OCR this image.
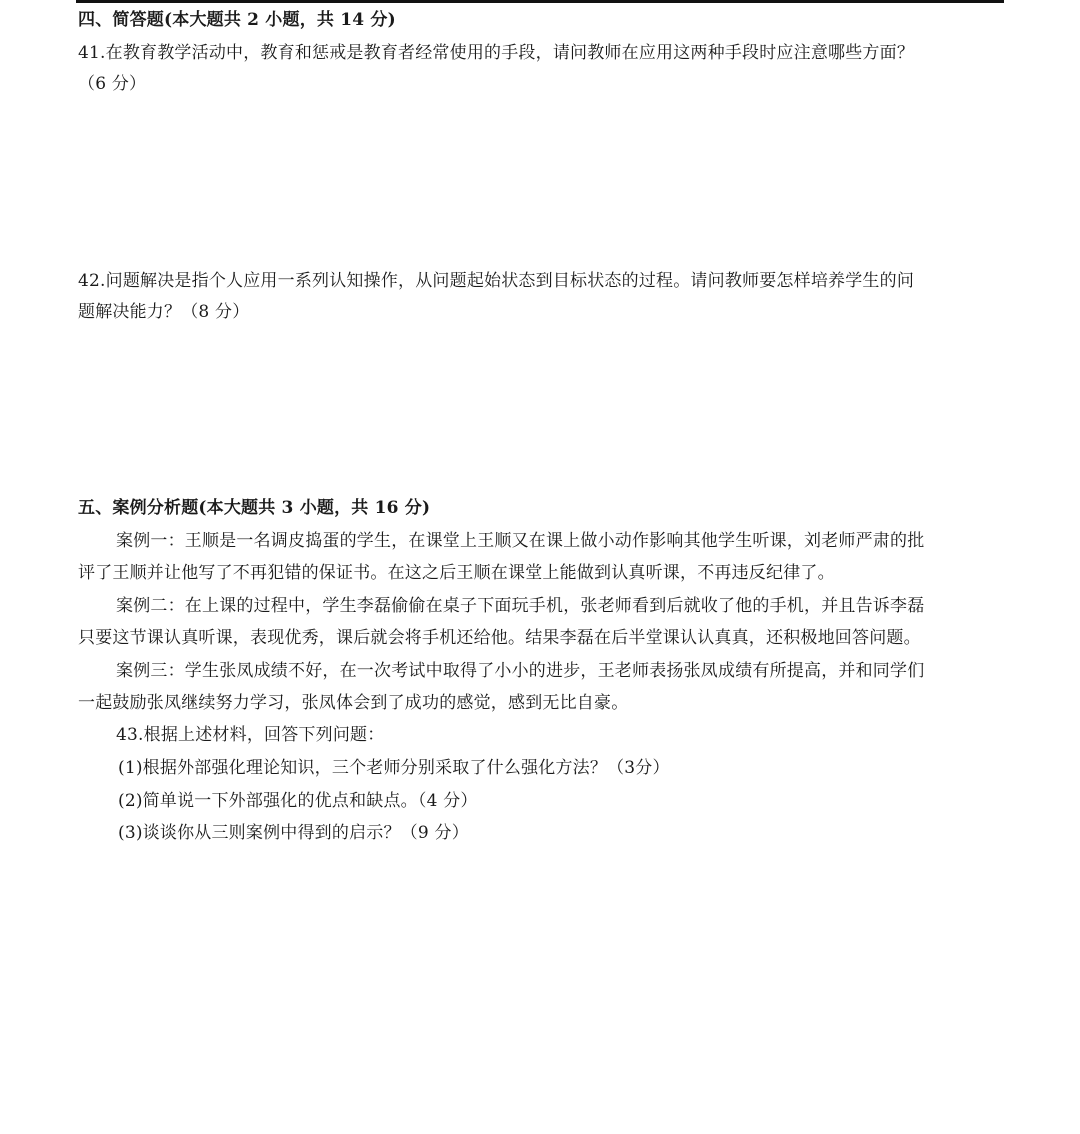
四、简答题(本大题共 2 小题，共 14 分)
41.在教育教学活动中，教育和惩戒是教育者经常使用的手段，请问教师在应用这两种手段时应注意哪些方面？
（6 分）
42.问题解决是指个人应用一系列认知操作，从问题起始状态到目标状态的过程。请问教师要怎样培养学生的问
题解决能力？（8 分）
五、案例分析题(本大题共 3 小题，共 16 分)
案例一：王顺是一名调皮捣蛋的学生，在课堂上王顺又在课上做小动作影响其他学生听课，刘老师严肃的批
评了王顺并让他写了不再犯错的保证书。在这之后王顺在课堂上能做到认真听课，不再违反纪律了。
案例二：在上课的过程中，学生李磊偷偷在桌子下面玩手机，张老师看到后就收了他的手机，并且告诉李磊
只要这节课认真听课，表现优秀，课后就会将手机还给他。结果李磊在后半堂课认认真真，还积极地回答问题。
案例三：学生张凤成绩不好，在一次考试中取得了小小的进步，王老师表扬张凤成绩有所提高，并和同学们
一起鼓励张凤继续努力学习，张凤体会到了成功的感觉，感到无比自豪。
43.根据上述材料，回答下列问题：
(1)根据外部强化理论知识，三个老师分别采取了什么强化方法？（3分）
(2)简单说一下外部强化的优点和缺点。（4 分）
(3)谈谈你从三则案例中得到的启示？（9 分）
